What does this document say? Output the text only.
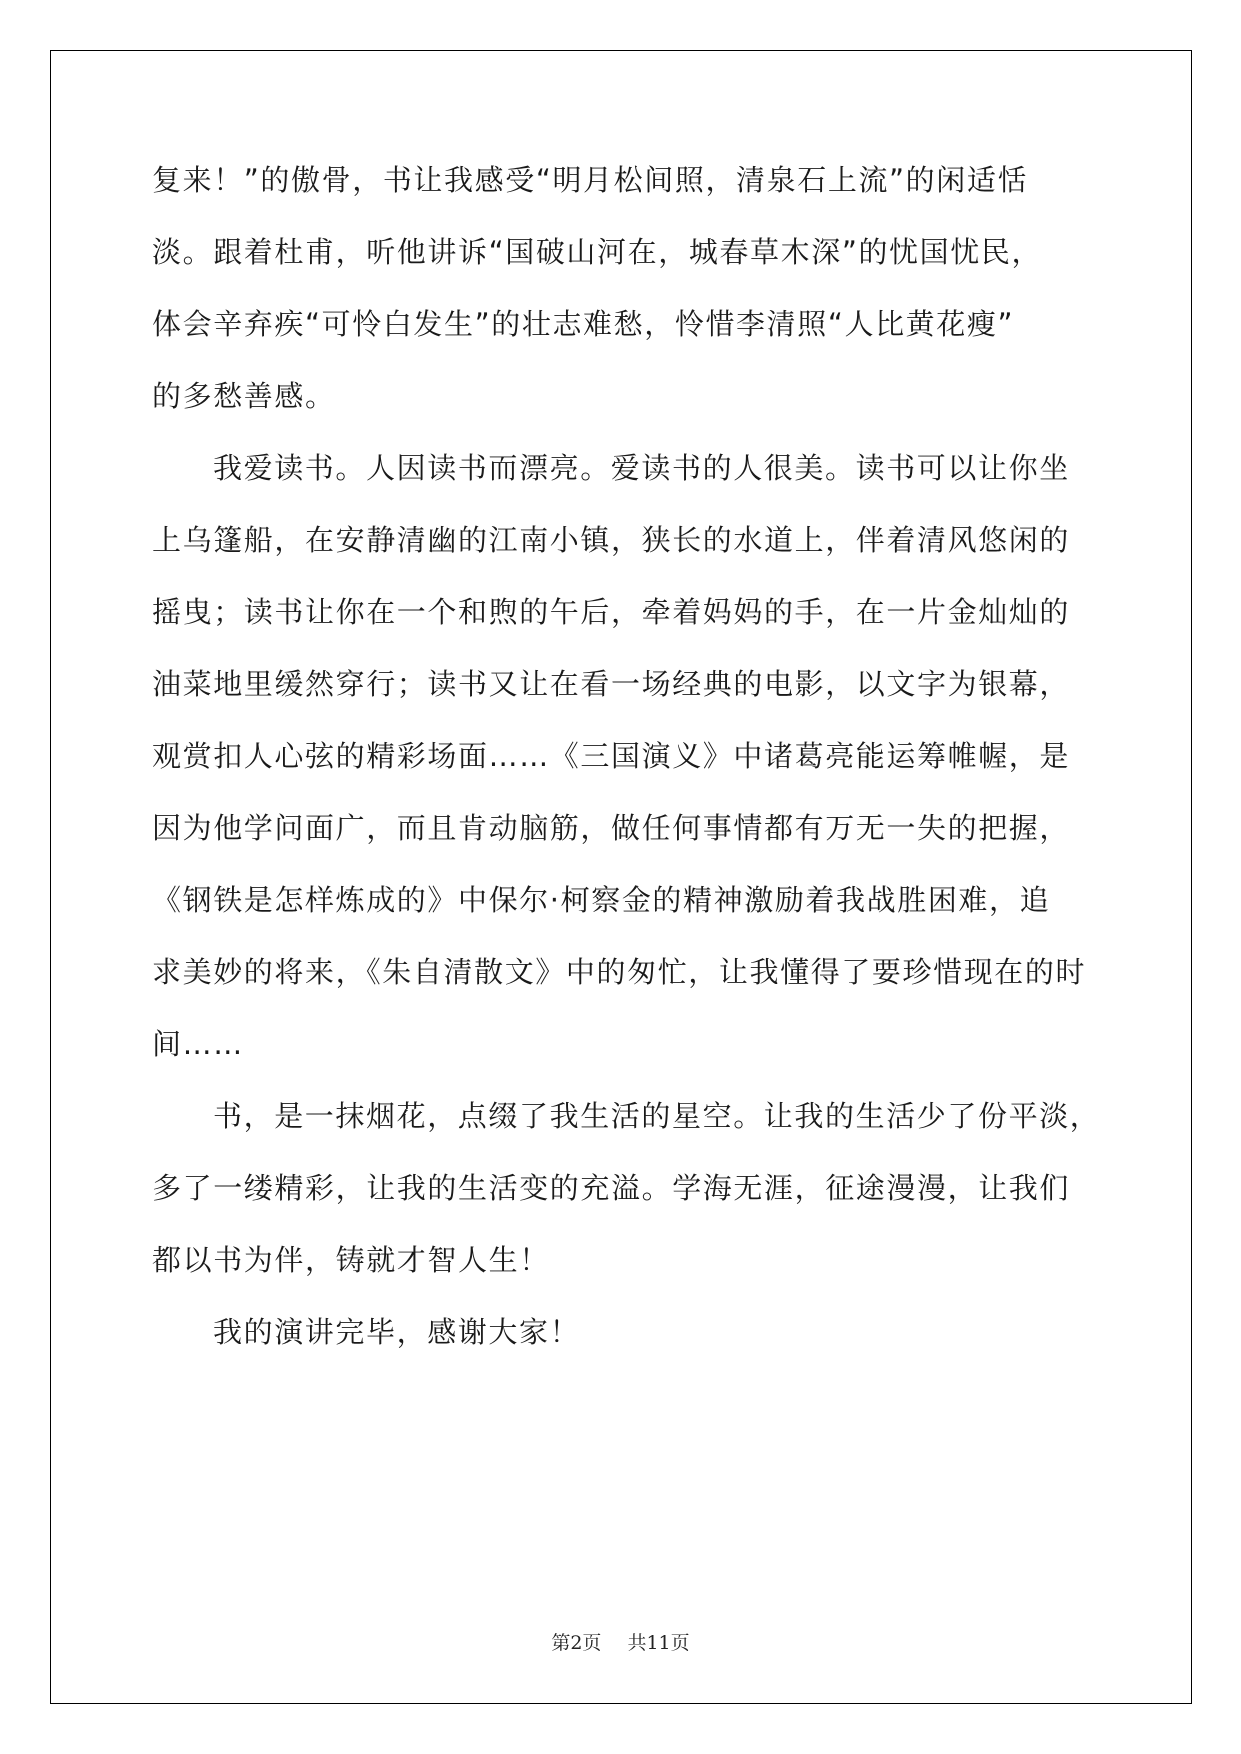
复来！”的傲骨，书让我感受“明月松间照，清泉石上流”的闲适恬
淡。跟着杜甫，听他讲诉“国破山河在，城春草木深”的忧国忧民，
体会辛弃疾“可怜白发生”的壮志难愁，怜惜李清照“人比黄花瘦”
的多愁善感。
我爱读书。人因读书而漂亮。爱读书的人很美。读书可以让你坐
上乌篷船，在安静清幽的江南小镇，狭长的水道上，伴着清风悠闲的
摇曳；读书让你在一个和煦的午后，牵着妈妈的手，在一片金灿灿的
油菜地里缓然穿行；读书又让在看一场经典的电影，以文字为银幕，
观赏扣人心弦的精彩场面……《三国演义》中诸葛亮能运筹帷幄，是
因为他学问面广，而且肯动脑筋，做任何事情都有万无一失的把握，
《钢铁是怎样炼成的》中保尔·柯察金的精神激励着我战胜困难，追
求美妙的将来，《朱自清散文》中的匆忙，让我懂得了要珍惜现在的时
间……
书，是一抹烟花，点缀了我生活的星空。让我的生活少了份平淡，
多了一缕精彩，让我的生活变的充溢。学海无涯，征途漫漫，让我们
都以书为伴，铸就才智人生！
我的演讲完毕，感谢大家！
第2页 共11页
